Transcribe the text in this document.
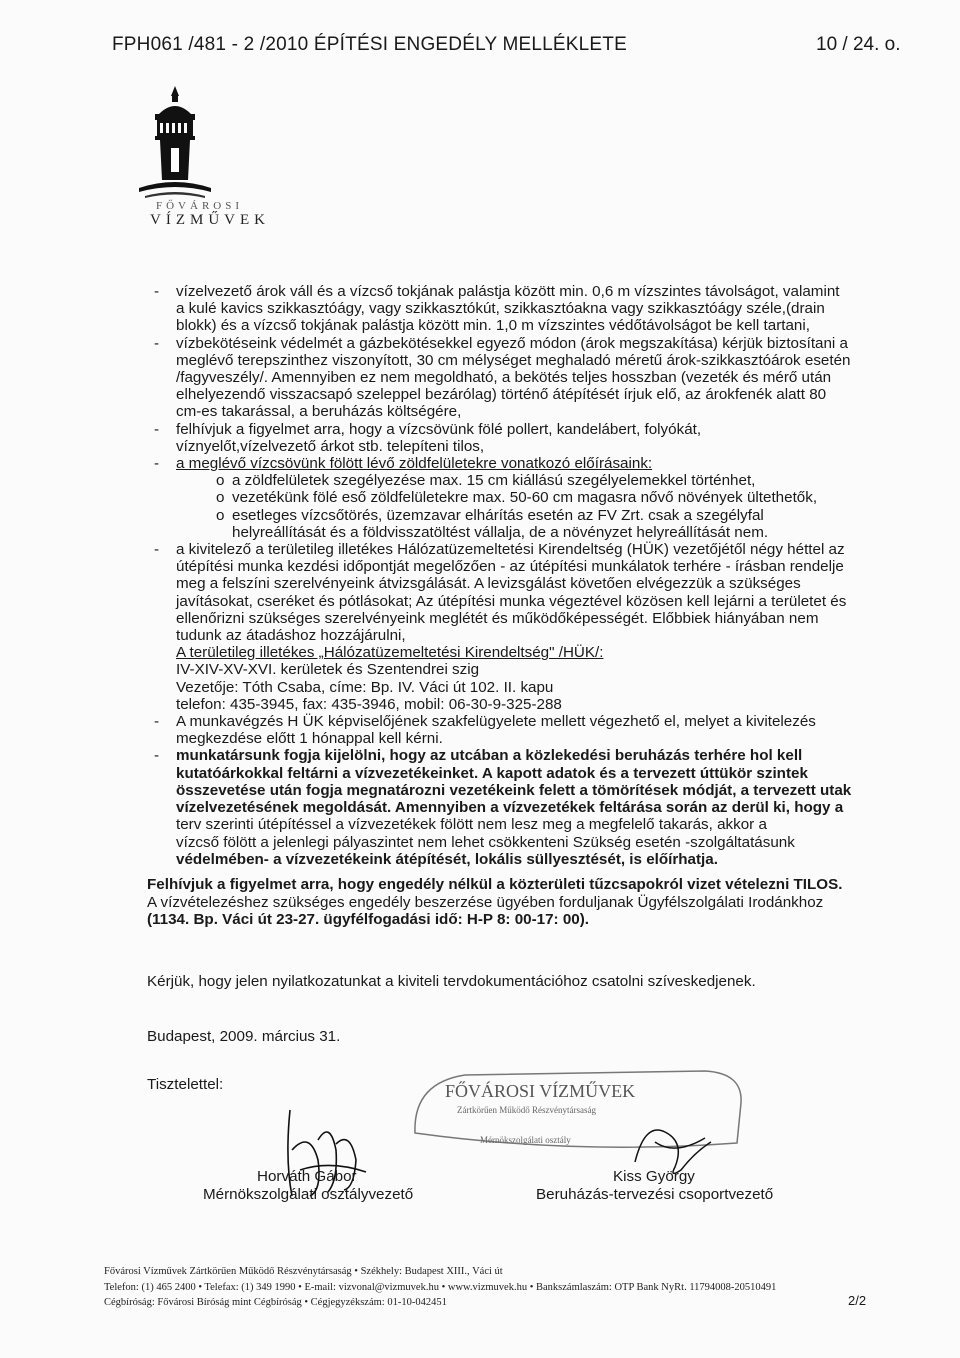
FPH061 /481 - 2 /2010 ÉPÍTÉSI ENGEDÉLY MELLÉKLETE	10 / 24. o.
FŐVÁROSI
VÍZMŰVEK
- vízelvezető árok váll és a vízcső tokjának palástja között min. 0,6 m vízszintes távolságot, valamint
a kulé kavics szikkasztóágy, vagy szikkasztókút, szikkasztóakna vagy szikkasztóágy széle,(drain
blokk) és a vízcső tokjának palástja között min. 1,0 m vízszintes védőtávolságot be kell tartani,
- vízbekötéseink védelmét a gázbekötésekkel egyező módon (árok megszakítása) kérjük biztosítani a
meglévő terepszinthez viszonyított, 30 cm mélységet meghaladó méretű árok-szikkasztóárok esetén
/fagyveszély/. Amennyiben ez nem megoldható, a bekötés teljes hosszban (vezeték és mérő után
elhelyezendő visszacsapó szeleppel bezárólag) történő átépítését írjuk elő, az árokfenék alatt 80
cm-es takarással, a beruházás költségére,
- felhívjuk a figyelmet arra, hogy a vízcsövünk fölé pollert, kandelábert, folyókát,
víznyelőt,vízelvezető árkot stb. telepíteni tilos,
- a meglévő vízcsövünk fölött lévő zöldfelületekre vonatkozó előírásaink:
o a zöldfelületek szegélyezése max. 15 cm kiállású szegélyelemekkel történhet,
o vezetékünk fölé eső zöldfelületekre max. 50-60 cm magasra nővő növények ültethetők,
o esetleges vízcsőtörés, üzemzavar elhárítás esetén az FV Zrt. csak a szegélyfal
helyreállítását és a földvisszatöltést vállalja, de a növényzet helyreállítását nem.
- a kivitelező a területileg illetékes Hálózatüzemeltetési Kirendeltség (HÜK) vezetőjétől négy héttel az
útépítési munka kezdési időpontját megelőzően - az útépítési munkálatok terhére - írásban rendelje
meg a felszíni szerelvényeink átvizsgálását. A levizsgálást követően elvégezzük a szükséges
javításokat, cseréket és pótlásokat; Az útépítési munka végeztével közösen kell lejárni a területet és
ellenőrizni szükséges szerelvényeink meglétét és működőképességét. Előbbiek hiányában nem
tudunk az átadáshoz hozzájárulni,
A területileg illetékes „Hálózatüzemeltetési Kirendeltség" /HÜK/:
IV-XIV-XV-XVI. kerületek és Szentendrei szig
Vezetője: Tóth Csaba, címe: Bp. IV. Váci út 102. II. kapu
telefon: 435-3945, fax: 435-3946, mobil: 06-30-9-325-288
- A munkavégzés H ÜK képviselőjének szakfelügyelete mellett végezhető el, melyet a kivitelezés
megkezdése előtt 1 hónappal kell kérni.
- munkatársunk fogja kijelölni, hogy az utcában a közlekedési beruházás terhére hol kell
kutatóárkokkal feltárni a vízvezetékeinket. A kapott adatok és a tervezett úttükör szintek
összevetése után fogja megnatározni vezetékeink felett a tömörítések módját, a tervezett utak
vízelvezetésének megoldását. Amennyiben a vízvezetékek feltárása során az derül ki, hogy a
terv szerinti útépítéssel a vízvezetékek fölött nem lesz meg a megfelelő takarás, akkor a
vízcső fölött a jelenlegi pályaszintet nem lehet csökkenteni Szükség esetén -szolgáltatásunk
védelmében- a vízvezetékeink átépítését, lokális süllyesztését, is előírhatja.
Felhívjuk a figyelmet arra, hogy engedély nélkül a közterületi tűzcsapokról vizet vételezni TILOS.
A vízvételezéshez szükséges engedély beszerzése ügyében forduljanak Ügyfélszolgálati Irodánkhoz
(1134. Bp. Váci út 23-27. ügyfélfogadási idő: H-P 8: 00-17: 00).
Kérjük, hogy jelen nyilatkozatunkat a kiviteli tervdokumentációhoz csatolni szíveskedjenek.
Budapest, 2009. március 31.
Tisztelettel:	FŐVÁROSI VÍZMŰVEK
Zártkörűen Működő Részvénytársaság
Mérnökszolgálati osztály
Horváth Gábor
Mérnökszolgálati osztályvezető
Kiss György
Beruházás-tervezési csoportvezető
Fővárosi Vízművek Zártkörűen Működő Részvénytársaság • Székhely: Budapest XIII., Váci út
Telefon: (1) 465 2400 • Telefax: (1) 349 1990 • E-mail: vizvonal@vizmuvek.hu • www.vizmuvek.hu • Bankszámlaszám: OTP Bank NyRt. 11794008-20510491
Cégbíróság: Fővárosi Bíróság mint Cégbíróság • Cégjegyzékszám: 01-10-042451	2/2
